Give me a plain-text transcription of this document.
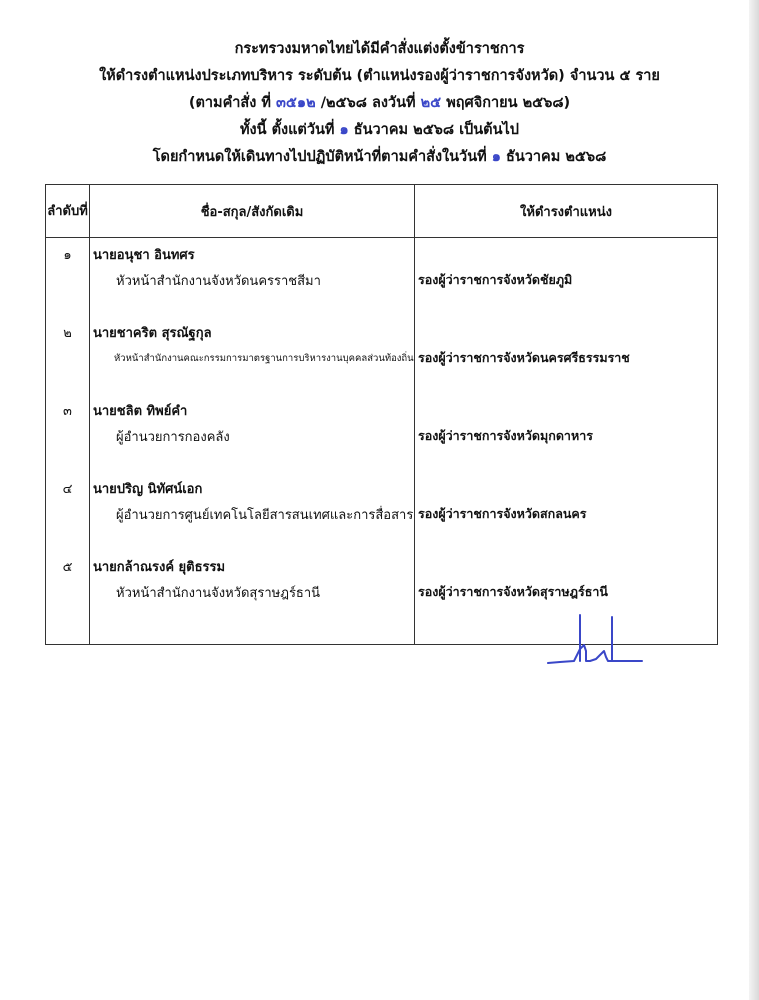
กระทรวงมหาดไทยได้มีคำสั่งแต่งตั้งข้าราชการ
ให้ดำรงตำแหน่งประเภทบริหาร ระดับต้น (ตำแหน่งรองผู้ว่าราชการจังหวัด) จำนวน ๕ ราย
(ตามคำสั่ง ที่ ๓๕๑๒ /๒๕๖๘ ลงวันที่ ๒๕ พฤศจิกายน ๒๕๖๘)
ทั้งนี้ ตั้งแต่วันที่ ๑ ธันวาคม ๒๕๖๘ เป็นต้นไป
โดยกำหนดให้เดินทางไปปฏิบัติหน้าที่ตามคำสั่งในวันที่ ๑ ธันวาคม ๒๕๖๘
ลำดับที่	ชื่อ-สกุล/สังกัดเดิม	ให้ดำรงตำแหน่ง

๑	นายอนุชา อินทศร
หัวหน้าสำนักงานจังหวัดนครราชสีมา	รองผู้ว่าราชการจังหวัดชัยภูมิ

๒	นายชาคริต สุรณัฐกุล
หัวหน้าสำนักงานคณะกรรมการมาตรฐานการบริหารงานบุคคลส่วนท้องถิ่น	รองผู้ว่าราชการจังหวัดนครศรีธรรมราช

๓	นายชลิต ทิพย์คำ
ผู้อำนวยการกองคลัง	รองผู้ว่าราชการจังหวัดมุกดาหาร

๔	นายปริญ นิทัศน์เอก
ผู้อำนวยการศูนย์เทคโนโลยีสารสนเทศและการสื่อสาร	รองผู้ว่าราชการจังหวัดสกลนคร

๕	นายกล้าณรงค์ ยุติธรรม
หัวหน้าสำนักงานจังหวัดสุราษฎร์ธานี	รองผู้ว่าราชการจังหวัดสุราษฎร์ธานี
